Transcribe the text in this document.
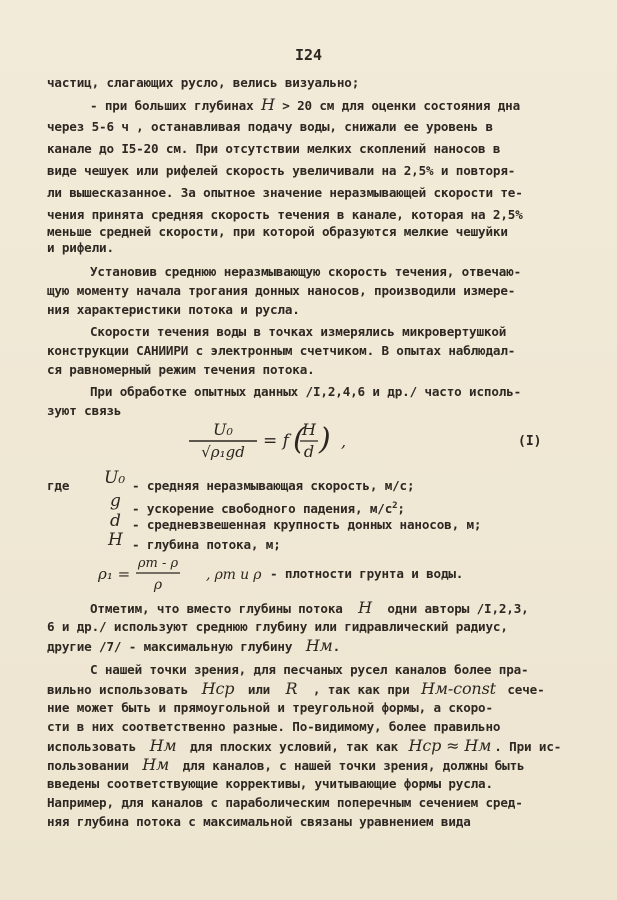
I24
частиц, слагающих русло, велись визуально;
- при больших глубинах H > 20 см для оценки состояния дна
через 5-6 ч , останавливая подачу воды, снижали ее уровень в
канале до I5-20 см. При отсутствии мелких скоплений наносов в
виде чешуек или рифелей скорость увеличивали на 2,5% и повторя-
ли вышесказанное. За опытное значение неразмывающей скорости те-
чения принята средняя скорость течения в канале, которая на 2,5%
меньше средней скорости, при которой образуются мелкие чешуйки
и рифели.
Установив среднюю неразмывающую скорость течения, отвечаю-
щую моменту начала трогания донных наносов, производили измере-
ния характеристики потока и русла.
Скорости течения воды в точках измерялись микровертушкой
конструкции САНИИРИ с электронным счетчиком. В опытах наблюдал-
ся равномерный режим течения потока.
При обработке опытных данных /I,2,4,6 и др./ часто исполь-
зуют связь
U₀
√ρ₁gd
= f (
H
d ) ,	(I)
где	U₀ - средняя неразмывающая скорость, м/с;
g - ускорение свободного падения, $м/с^2$;
d - средневзвешенная крупность донных наносов, м;
H - глубина потока, м;
ρ₁ =
ρт - ρ
ρ
, ρт и ρ - плотности грунта и воды.
Отметим, что вместо глубины потока H одни авторы /I,2,3,
6 и др./ используют среднюю глубину или гидравлический радиус,
другие /7/ - максимальную глубину Hм.
С нашей точки зрения, для песчаных русел каналов более пра-
вильно использовать Hср или R , так как при Hм-const сече-
ние может быть и прямоугольной и треугольной формы, а скоро-
сти в них соответственно разные. По-видимому, более правильно
использовать Hм для плоских условий, так как Hср ≈ Hм . При ис-
пользовании Hм для каналов, с нашей точки зрения, должны быть
введены соответствующие коррективы, учитывающие формы русла.
Например, для каналов с параболическим поперечным сечением сред-
няя глубина потока с максимальной связаны уравнением вида
